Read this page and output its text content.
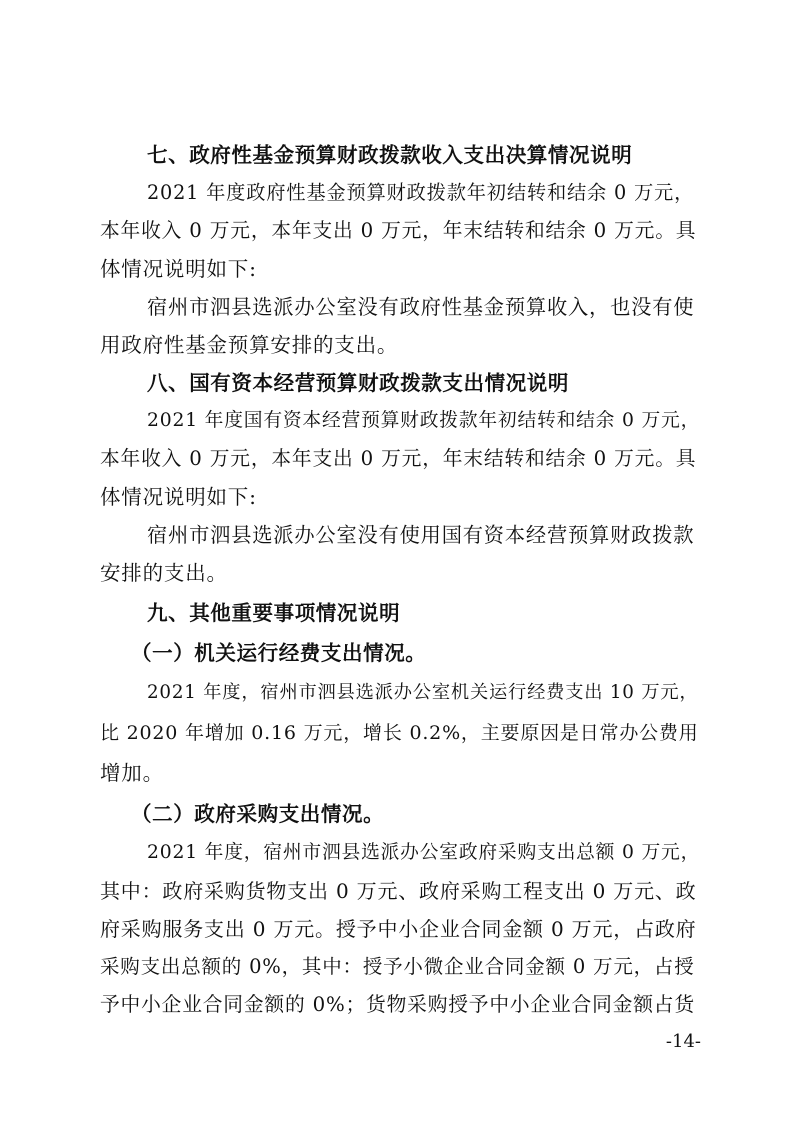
七、政府性基金预算财政拨款收入支出决算情况说明
2021 年度政府性基金预算财政拨款年初结转和结余 0 万元，
本年收入 0 万元，本年支出 0 万元，年末结转和结余 0 万元。具
体情况说明如下:
宿州市泗县选派办公室没有政府性基金预算收入，也没有使
用政府性基金预算安排的支出。
八、国有资本经营预算财政拨款支出情况说明
2021 年度国有资本经营预算财政拨款年初结转和结余 0 万元，
本年收入 0 万元，本年支出 0 万元，年末结转和结余 0 万元。具
体情况说明如下:
宿州市泗县选派办公室没有使用国有资本经营预算财政拨款
安排的支出。
九、其他重要事项情况说明
（一）机关运行经费支出情况。
2021 年度，宿州市泗县选派办公室机关运行经费支出 10 万元，
比 2020 年增加 0.16 万元，增长 0.2%，主要原因是日常办公费用
增加。
（二）政府采购支出情况。
2021 年度，宿州市泗县选派办公室政府采购支出总额 0 万元，
其中：政府采购货物支出 0 万元、政府采购工程支出 0 万元、政
府采购服务支出 0 万元。授予中小企业合同金额 0 万元，占政府
采购支出总额的 0%，其中：授予小微企业合同金额 0 万元，占授
予中小企业合同金额的 0%；货物采购授予中小企业合同金额占货
-14-
